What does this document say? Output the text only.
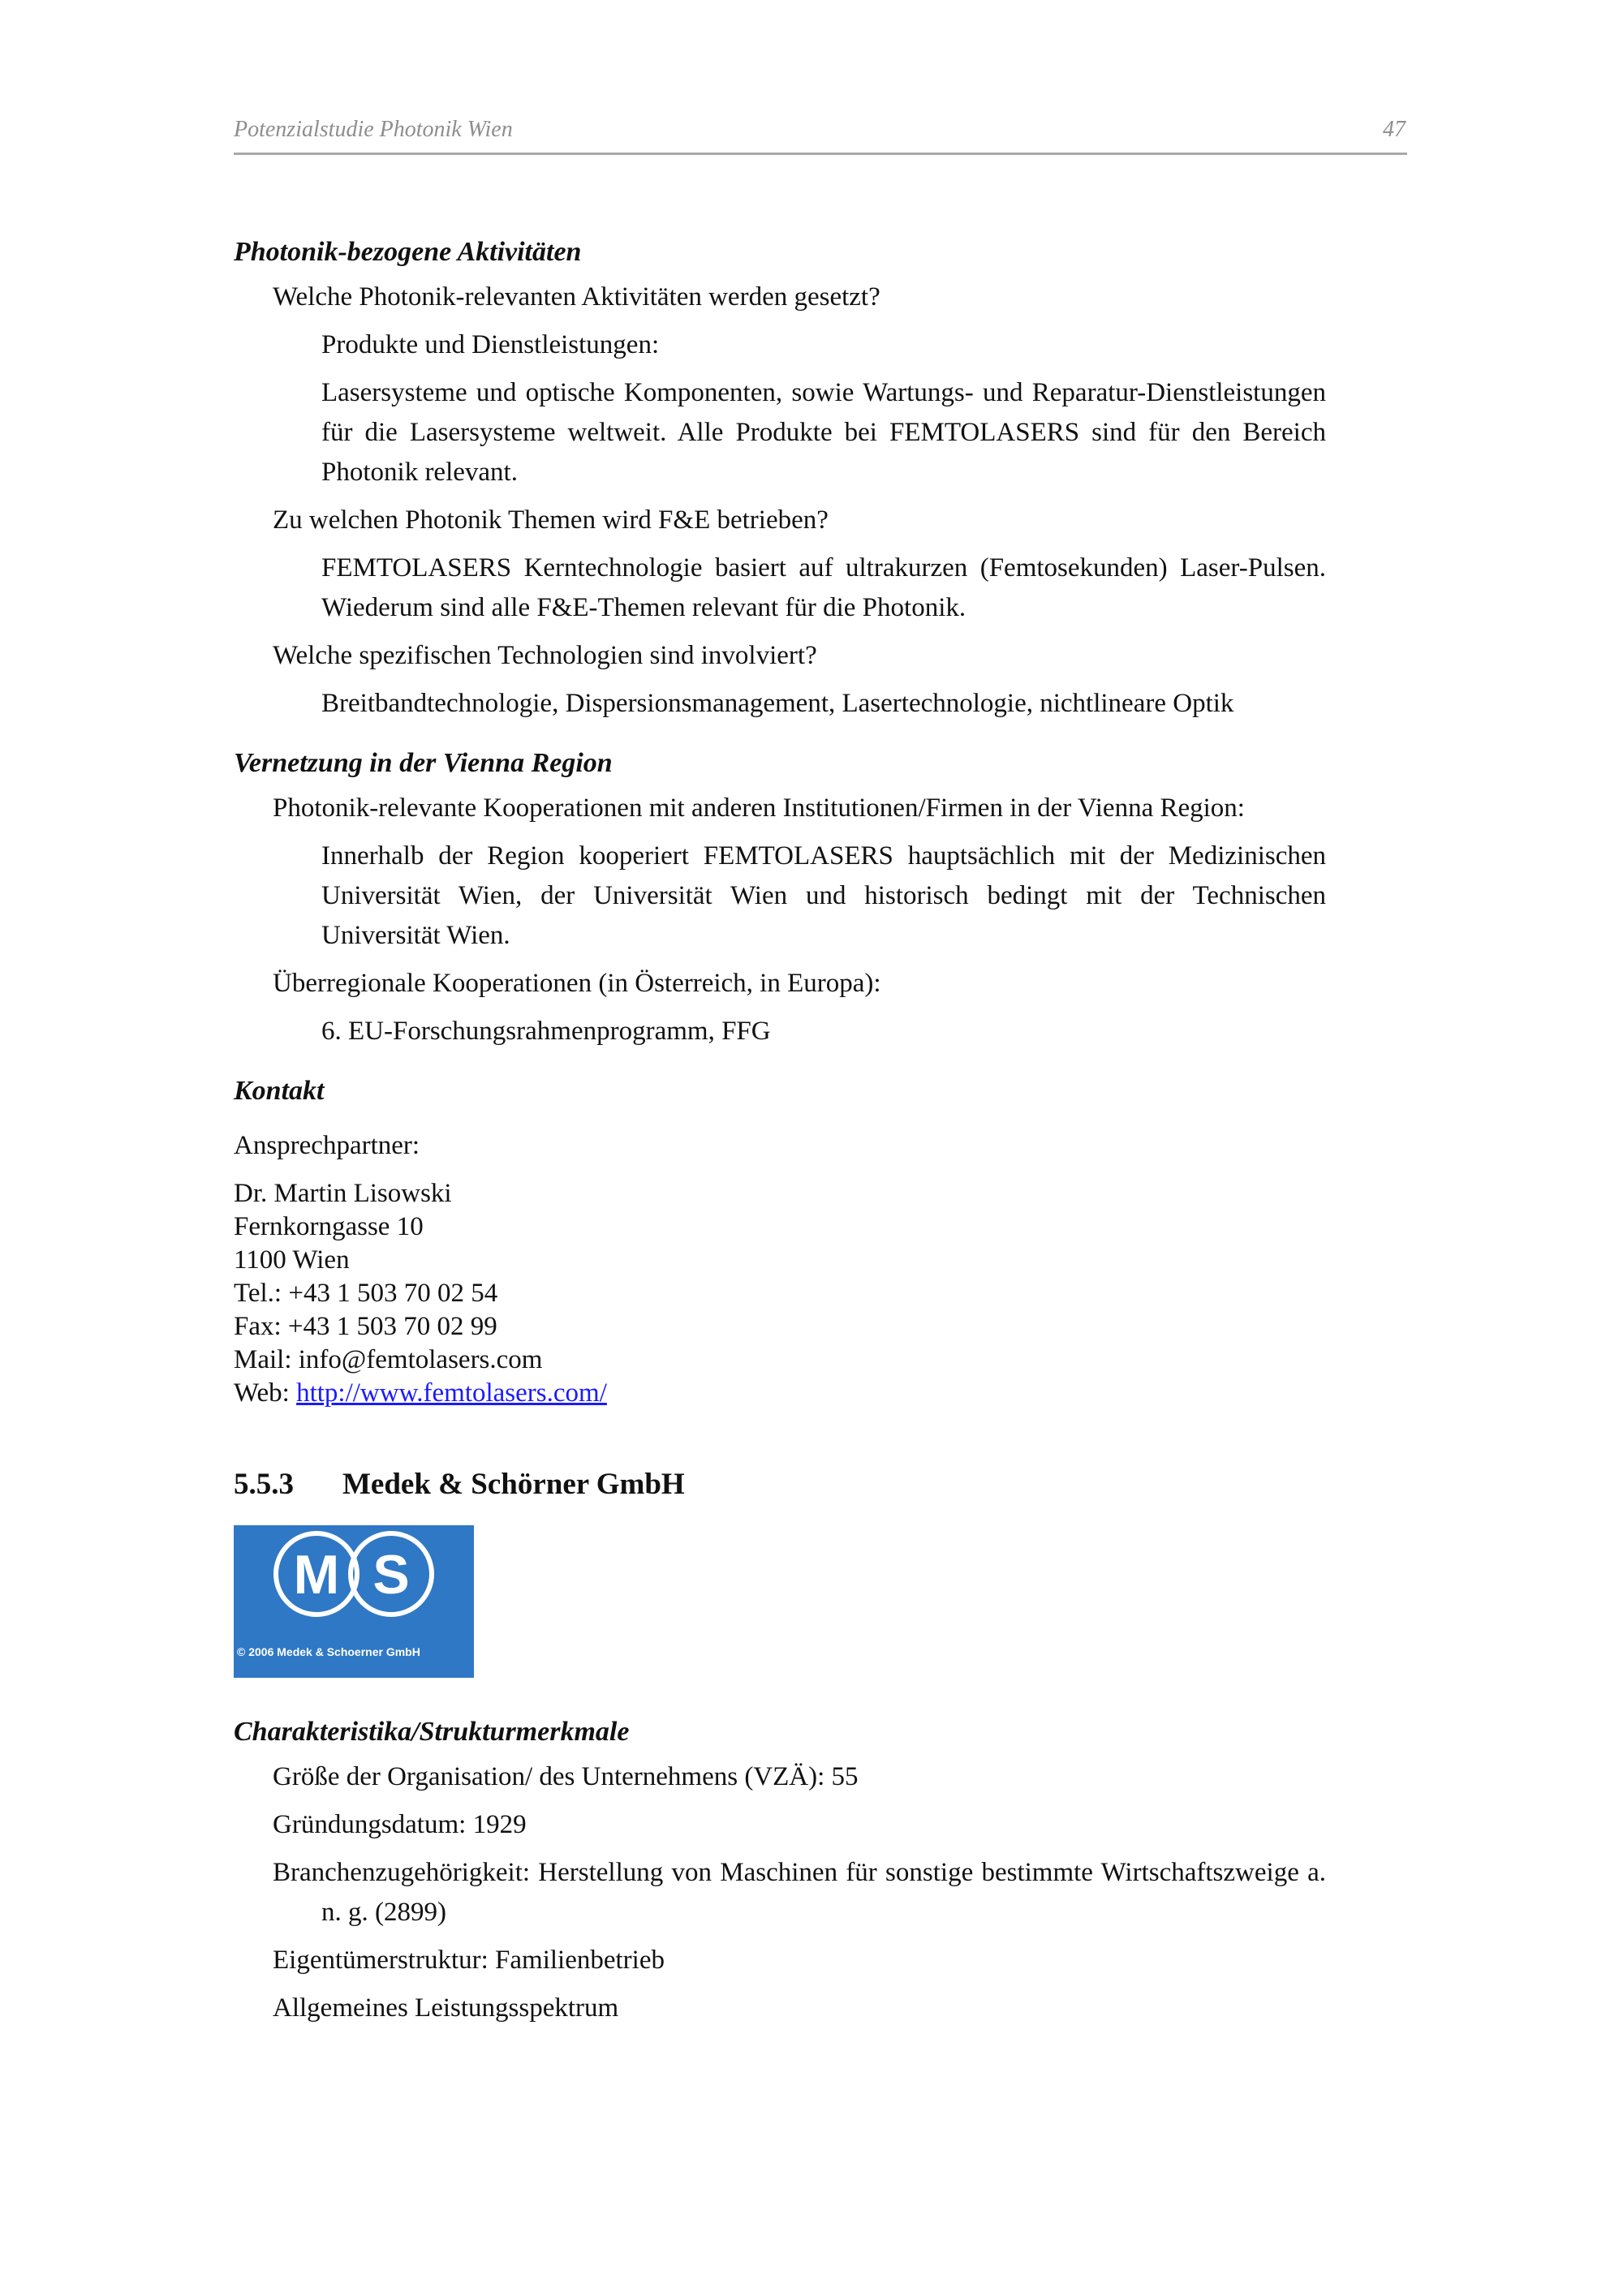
Potenzialstudie Photonik Wien	47
Photonik-bezogene Aktivitäten

Welche Photonik-relevanten Aktivitäten werden gesetzt?

Produkte und Dienstleistungen:

Lasersysteme und optische Komponenten, sowie Wartungs- und Reparatur-Dienstleistungen für die Lasersysteme weltweit. Alle Produkte bei FEMTOLASERS sind für den Bereich Photonik relevant.

Zu welchen Photonik Themen wird F&E betrieben?

FEMTOLASERS Kerntechnologie basiert auf ultrakurzen (Femtosekunden) Laser-Pulsen. Wiederum sind alle F&E-Themen relevant für die Photonik.

Welche spezifischen Technologien sind involviert?

Breitbandtechnologie, Dispersionsmanagement, Lasertechnologie, nichtlineare Optik

Vernetzung in der Vienna Region

Photonik-relevante Kooperationen mit anderen Institutionen/Firmen in der Vienna Region:

Innerhalb der Region kooperiert FEMTOLASERS hauptsächlich mit der Medizinischen Universität Wien, der Universität Wien und historisch bedingt mit der Technischen Universität Wien.

Überregionale Kooperationen (in Österreich, in Europa):

6. EU-Forschungsrahmenprogramm, FFG

Kontakt

Ansprechpartner:

Dr. Martin Lisowski
Fernkorngasse 10
1100 Wien
Tel.: +43 1 503 70 02 54
Fax: +43 1 503 70 02 99
Mail: info@femtolasers.com
Web: http://www.femtolasers.com/
5.5.3 Medek & Schörner GmbH
M S
© 2006 Medek & Schoerner GmbH
Charakteristika/Strukturmerkmale

Größe der Organisation/ des Unternehmens (VZÄ): 55

Gründungsdatum: 1929

Branchenzugehörigkeit: Herstellung von Maschinen für sonstige bestimmte Wirtschaftszweige a. n. g. (2899)

Eigentümerstruktur: Familienbetrieb

Allgemeines Leistungsspektrum
